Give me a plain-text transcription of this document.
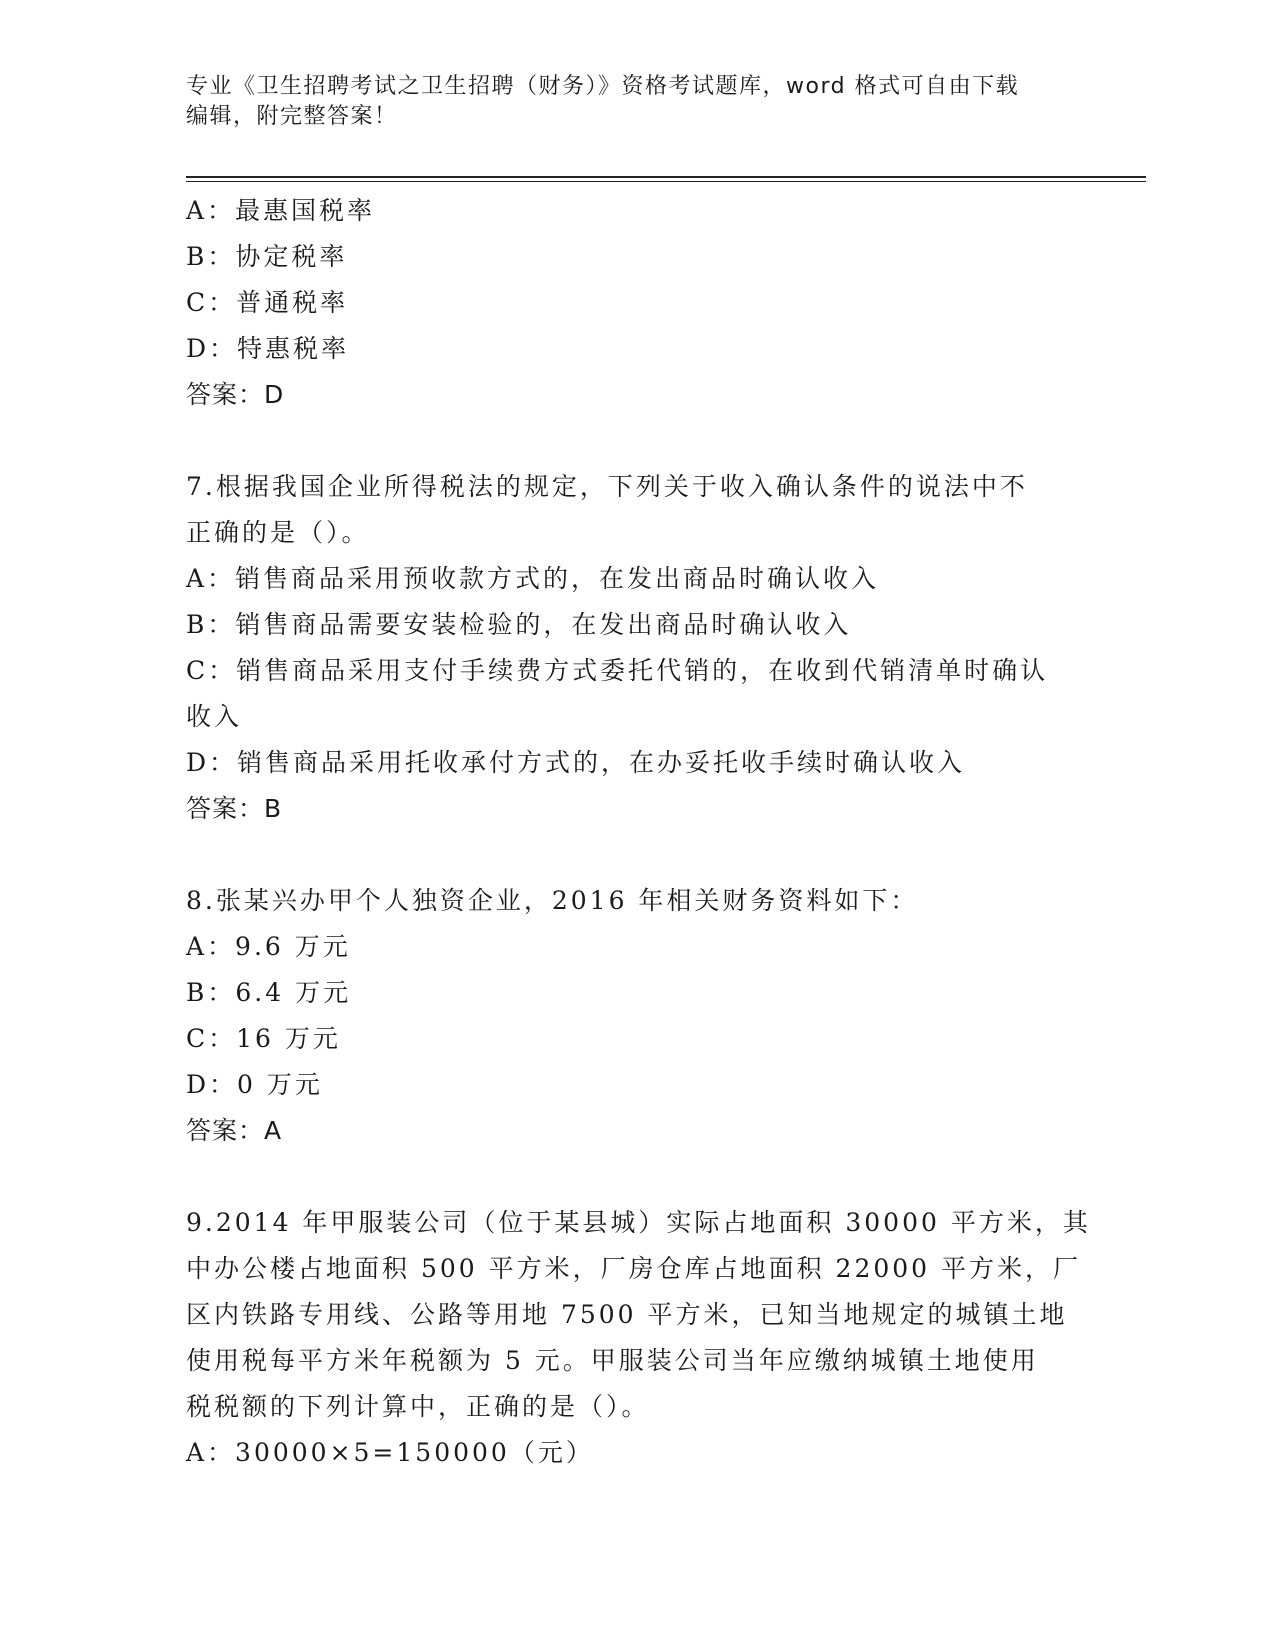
专业《卫生招聘考试之卫生招聘（财务）》资格考试题库，word 格式可自由下载
编辑，附完整答案！
A：最惠国税率
B：协定税率
C：普通税率
D：特惠税率
答案：D
7.根据我国企业所得税法的规定，下列关于收入确认条件的说法中不
正确的是（）。
A：销售商品采用预收款方式的，在发出商品时确认收入
B：销售商品需要安装检验的，在发出商品时确认收入
C：销售商品采用支付手续费方式委托代销的，在收到代销清单时确认
收入
D：销售商品采用托收承付方式的，在办妥托收手续时确认收入
答案：B
8.张某兴办甲个人独资企业，2016 年相关财务资料如下：
A：9.6 万元
B：6.4 万元
C：16 万元
D：0 万元
答案：A
9.2014 年甲服装公司（位于某县城）实际占地面积 30000 平方米，其
中办公楼占地面积 500 平方米，厂房仓库占地面积 22000 平方米，厂
区内铁路专用线、公路等用地 7500 平方米，已知当地规定的城镇土地
使用税每平方米年税额为 5 元。甲服装公司当年应缴纳城镇土地使用
税税额的下列计算中，正确的是（）。
A：30000×5=150000（元）
